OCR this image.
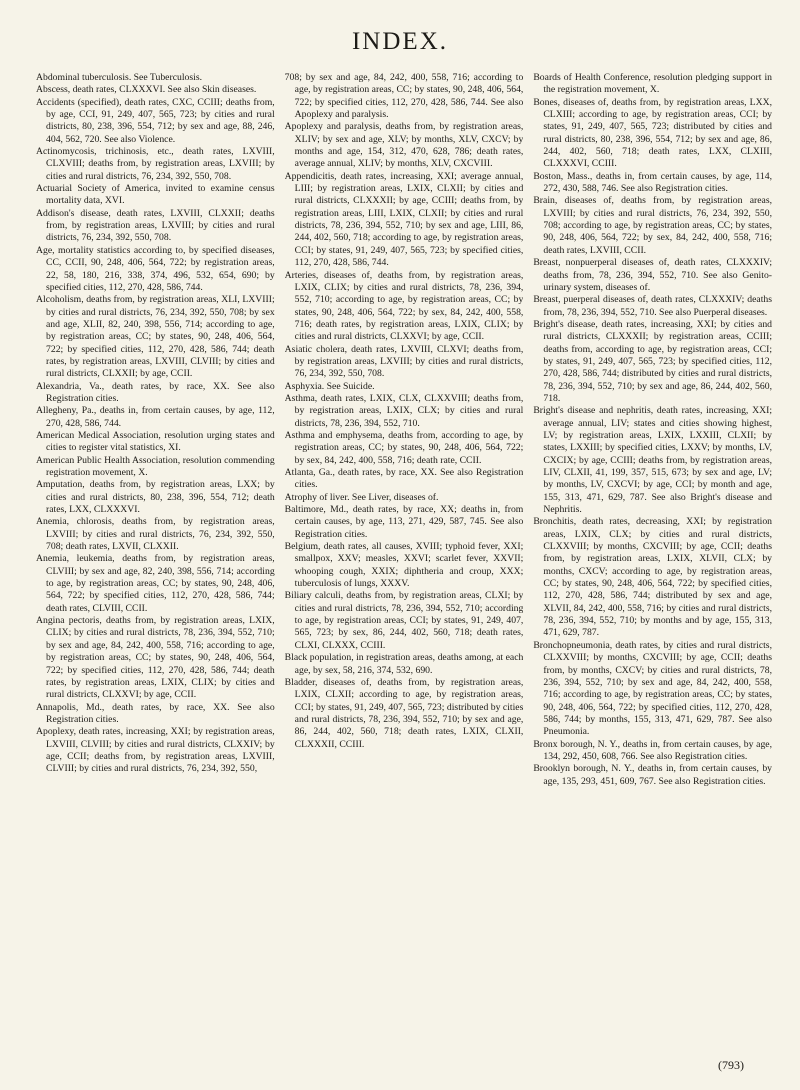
INDEX.

Abdominal tuberculosis. See Tuberculosis.

Abscess, death rates, CLXXXVI. See also Skin diseases.

Accidents (specified), death rates, CXC, CCIII; deaths from, by age, CCI, 91, 249, 407, 565, 723; by cities and rural districts, 80, 238, 396, 554, 712; by sex and age, 88, 246, 404, 562, 720. See also Violence.

Actinomycosis, trichinosis, etc., death rates, LXVIII, CLXVIII; deaths from, by registration areas, LXVIII; by cities and rural districts, 76, 234, 392, 550, 708.

Actuarial Society of America, invited to examine census mortality data, XVI.

Addison's disease, death rates, LXVIII, CLXXII; deaths from, by registration areas, LXVIII; by cities and rural districts, 76, 234, 392, 550, 708.

Age, mortality statistics according to, by specified diseases, CC, CCII, 90, 248, 406, 564, 722; by registration areas, 22, 58, 180, 216, 338, 374, 496, 532, 654, 690; by specified cities, 112, 270, 428, 586, 744.

Alcoholism, deaths from, by registration areas, XLI, LXVIII; by cities and rural districts, 76, 234, 392, 550, 708; by sex and age, XLII, 82, 240, 398, 556, 714; according to age, by registration areas, CC; by states, 90, 248, 406, 564, 722; by specified cities, 112, 270, 428, 586, 744; death rates, by registration areas, LXVIII, CLVIII; by cities and rural districts, CLXXII; by age, CCII.

Alexandria, Va., death rates, by race, XX. See also Registration cities.

Allegheny, Pa., deaths in, from certain causes, by age, 112, 270, 428, 586, 744.

American Medical Association, resolution urging states and cities to register vital statistics, XI.

American Public Health Association, resolution commending registration movement, X.

Amputation, deaths from, by registration areas, LXX; by cities and rural districts, 80, 238, 396, 554, 712; death rates, LXX, CLXXXVI.

Anemia, chlorosis, deaths from, by registration areas, LXVIII; by cities and rural districts, 76, 234, 392, 550, 708; death rates, LXVII, CLXXII.

Anemia, leukemia, deaths from, by registration areas, CLVIII; by sex and age, 82, 240, 398, 556, 714; according to age, by registration areas, CC; by states, 90, 248, 406, 564, 722; by specified cities, 112, 270, 428, 586, 744; death rates, CLVIII, CCII.

Angina pectoris, deaths from, by registration areas, LXIX, CLIX; by cities and rural districts, 78, 236, 394, 552, 710; by sex and age, 84, 242, 400, 558, 716; according to age, by registration areas, CC; by states, 90, 248, 406, 564, 722; by specified cities, 112, 270, 428, 586, 744; death rates, by registration areas, LXIX, CLIX; by cities and rural districts, CLXXVI; by age, CCII.

Annapolis, Md., death rates, by race, XX. See also Registration cities.

Apoplexy, death rates, increasing, XXI; by registration areas, LXVIII, CLVIII; by cities and rural districts, CLXXIV; by age, CCII; deaths from, by registration areas, LXVIII, CLVIII; by cities and rural districts, 76, 234, 392, 550,

708; by sex and age, 84, 242, 400, 558, 716; according to age, by registration areas, CC; by states, 90, 248, 406, 564, 722; by specified cities, 112, 270, 428, 586, 744. See also Apoplexy and paralysis.

Apoplexy and paralysis, deaths from, by registration areas, XLIV; by sex and age, XLV; by months, XLV, CXCV; by months and age, 154, 312, 470, 628, 786; death rates, average annual, XLIV; by months, XLV, CXCVIII.

Appendicitis, death rates, increasing, XXI; average annual, LIII; by registration areas, LXIX, CLXII; by cities and rural districts, CLXXXII; by age, CCIII; deaths from, by registration areas, LIII, LXIX, CLXII; by cities and rural districts, 78, 236, 394, 552, 710; by sex and age, LIII, 86, 244, 402, 560, 718; according to age, by registration areas, CCI; by states, 91, 249, 407, 565, 723; by specified cities, 112, 270, 428, 586, 744.

Arteries, diseases of, deaths from, by registration areas, LXIX, CLIX; by cities and rural districts, 78, 236, 394, 552, 710; according to age, by registration areas, CC; by states, 90, 248, 406, 564, 722; by sex, 84, 242, 400, 558, 716; death rates, by registration areas, LXIX, CLIX; by cities and rural districts, CLXXVI; by age, CCII.

Asiatic cholera, death rates, LXVIII, CLXVI; deaths from, by registration areas, LXVIII; by cities and rural districts, 76, 234, 392, 550, 708.

Asphyxia. See Suicide.

Asthma, death rates, LXIX, CLX, CLXXVIII; deaths from, by registration areas, LXIX, CLX; by cities and rural districts, 78, 236, 394, 552, 710.

Asthma and emphysema, deaths from, according to age, by registration areas, CC; by states, 90, 248, 406, 564, 722; by sex, 84, 242, 400, 558, 716; death rate, CCII.

Atlanta, Ga., death rates, by race, XX. See also Registration cities.

Atrophy of liver. See Liver, diseases of.

Baltimore, Md., death rates, by race, XX; deaths in, from certain causes, by age, 113, 271, 429, 587, 745. See also Registration cities.

Belgium, death rates, all causes, XVIII; typhoid fever, XXI; smallpox, XXV; measles, XXVI; scarlet fever, XXVII; whooping cough, XXIX; diphtheria and croup, XXX; tuberculosis of lungs, XXXV.

Biliary calculi, deaths from, by registration areas, CLXI; by cities and rural districts, 78, 236, 394, 552, 710; according to age, by registration areas, CCI; by states, 91, 249, 407, 565, 723; by sex, 86, 244, 402, 560, 718; death rates, CLXI, CLXXX, CCIII.

Black population, in registration areas, deaths among, at each age, by sex, 58, 216, 374, 532, 690.

Bladder, diseases of, deaths from, by registration areas, LXIX, CLXII; according to age, by registration areas, CCI; by states, 91, 249, 407, 565, 723; distributed by cities and rural districts, 78, 236, 394, 552, 710; by sex and age, 86, 244, 402, 560, 718; death rates, LXIX, CLXII, CLXXXII, CCIII.

Boards of Health Conference, resolution pledging support in the registration movement, X.

Bones, diseases of, deaths from, by registration areas, LXX, CLXIII; according to age, by registration areas, CCI; by states, 91, 249, 407, 565, 723; distributed by cities and rural districts, 80, 238, 396, 554, 712; by sex and age, 86, 244, 402, 560, 718; death rates, LXX, CLXIII, CLXXXVI, CCIII.

Boston, Mass., deaths in, from certain causes, by age, 114, 272, 430, 588, 746. See also Registration cities.

Brain, diseases of, deaths from, by registration areas, LXVIII; by cities and rural districts, 76, 234, 392, 550, 708; according to age, by registration areas, CC; by states, 90, 248, 406, 564, 722; by sex, 84, 242, 400, 558, 716; death rates, LXVIII, CCII.

Breast, nonpuerperal diseases of, death rates, CLXXXIV; deaths from, 78, 236, 394, 552, 710. See also Genito-urinary system, diseases of.

Breast, puerperal diseases of, death rates, CLXXXIV; deaths from, 78, 236, 394, 552, 710. See also Puerperal diseases.

Bright's disease, death rates, increasing, XXI; by cities and rural districts, CLXXXII; by registration areas, CCIII; deaths from, according to age, by registration areas, CCI; by states, 91, 249, 407, 565, 723; by specified cities, 112, 270, 428, 586, 744; distributed by cities and rural districts, 78, 236, 394, 552, 710; by sex and age, 86, 244, 402, 560, 718.

Bright's disease and nephritis, death rates, increasing, XXI; average annual, LIV; states and cities showing highest, LV; by registration areas, LXIX, LXXIII, CLXII; by states, LXXIII; by specified cities, LXXV; by months, LV, CXCIX; by age, CCIII; deaths from, by registration areas, LIV, CLXII, 41, 199, 357, 515, 673; by sex and age, LV; by months, LV, CXCVI; by age, CCI; by month and age, 155, 313, 471, 629, 787. See also Bright's disease and Nephritis.

Bronchitis, death rates, decreasing, XXI; by registration areas, LXIX, CLX; by cities and rural districts, CLXXVIII; by months, CXCVIII; by age, CCII; deaths from, by registration areas, LXIX, XLVII, CLX; by months, CXCV; according to age, by registration areas, CC; by states, 90, 248, 406, 564, 722; by specified cities, 112, 270, 428, 586, 744; distributed by sex and age, XLVII, 84, 242, 400, 558, 716; by cities and rural districts, 78, 236, 394, 552, 710; by months and by age, 155, 313, 471, 629, 787.

Bronchopneumonia, death rates, by cities and rural districts, CLXXVIII; by months, CXCVIII; by age, CCII; deaths from, by months, CXCV; by cities and rural districts, 78, 236, 394, 552, 710; by sex and age, 84, 242, 400, 558, 716; according to age, by registration areas, CC; by states, 90, 248, 406, 564, 722; by specified cities, 112, 270, 428, 586, 744; by months, 155, 313, 471, 629, 787. See also Pneumonia.

Bronx borough, N. Y., deaths in, from certain causes, by age, 134, 292, 450, 608, 766. See also Registration cities.

Brooklyn borough, N. Y., deaths in, from certain causes, by age, 135, 293, 451, 609, 767. See also Registration cities.

(793)
